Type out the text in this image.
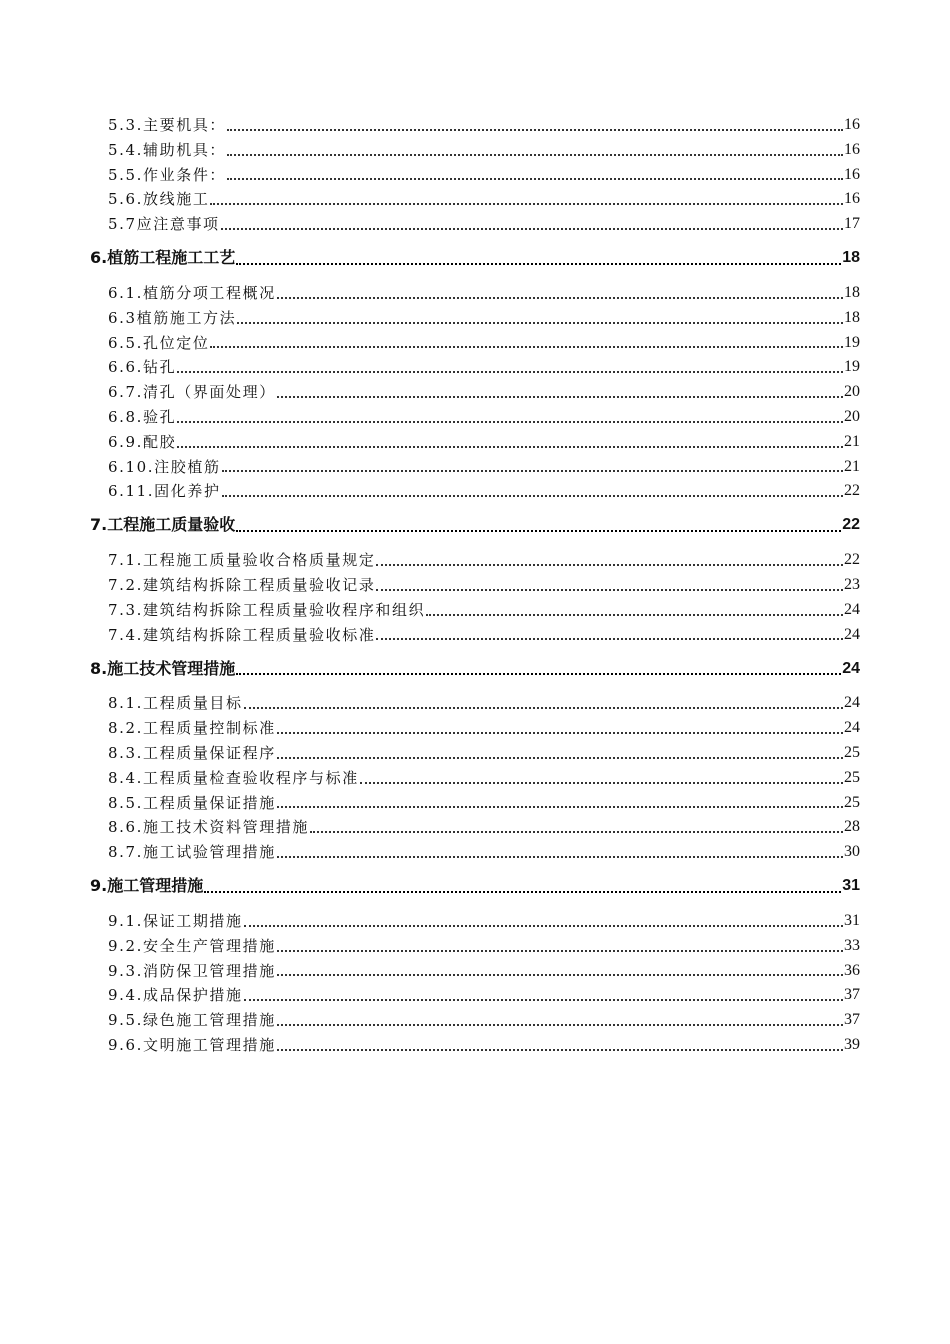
5.3.主要机具：	16
5.4.辅助机具：	16
5.5.作业条件：	16
5.6.放线施工	16
5.7应注意事项	17
6.植筋工程施工工艺	18
6.1.植筋分项工程概况	18
6.3植筋施工方法	18
6.5.孔位定位	19
6.6.钻孔	19
6.7.清孔（界面处理）	20
6.8.验孔	20
6.9.配胶	21
6.10.注胶植筋	21
6.11.固化养护	22
7.工程施工质量验收	22
7.1.工程施工质量验收合格质量规定	22
7.2.建筑结构拆除工程质量验收记录	23
7.3.建筑结构拆除工程质量验收程序和组织	24
7.4.建筑结构拆除工程质量验收标准	24
8.施工技术管理措施	24
8.1.工程质量目标	24
8.2.工程质量控制标准	24
8.3.工程质量保证程序	25
8.4.工程质量检查验收程序与标准	25
8.5.工程质量保证措施	25
8.6.施工技术资料管理措施	28
8.7.施工试验管理措施	30
9.施工管理措施	31
9.1.保证工期措施	31
9.2.安全生产管理措施	33
9.3.消防保卫管理措施	36
9.4.成品保护措施	37
9.5.绿色施工管理措施	37
9.6.文明施工管理措施	39
